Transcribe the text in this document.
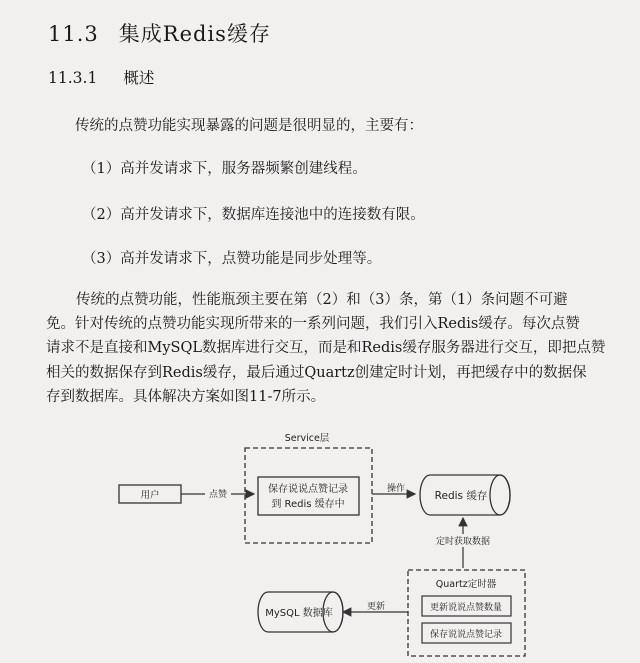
11.3 集成Redis缓存
11.3.1 概述
传统的点赞功能实现暴露的问题是很明显的，主要有：
（1）高并发请求下，服务器频繁创建线程。
（2）高并发请求下，数据库连接池中的连接数有限。
（3）高并发请求下，点赞功能是同步处理等。
传统的点赞功能，性能瓶颈主要在第（2）和（3）条，第（1）条问题不可避
免。针对传统的点赞功能实现所带来的一系列问题，我们引入Redis缓存。每次点赞
请求不是直接和MySQL数据库进行交互，而是和Redis缓存服务器进行交互，即把点赞
相关的数据保存到Redis缓存，最后通过Quartz创建定时计划，再把缓存中的数据保
存到数据库。具体解决方案如图11-7所示。
Service层
保存说说点赞记录
到 Redis 缓存中
用户	点赞
操作
Redis 缓存
定时获取数据
Quartz定时器
更新说说点赞数量
保存说说点赞记录
更新
MySQL 数据库
